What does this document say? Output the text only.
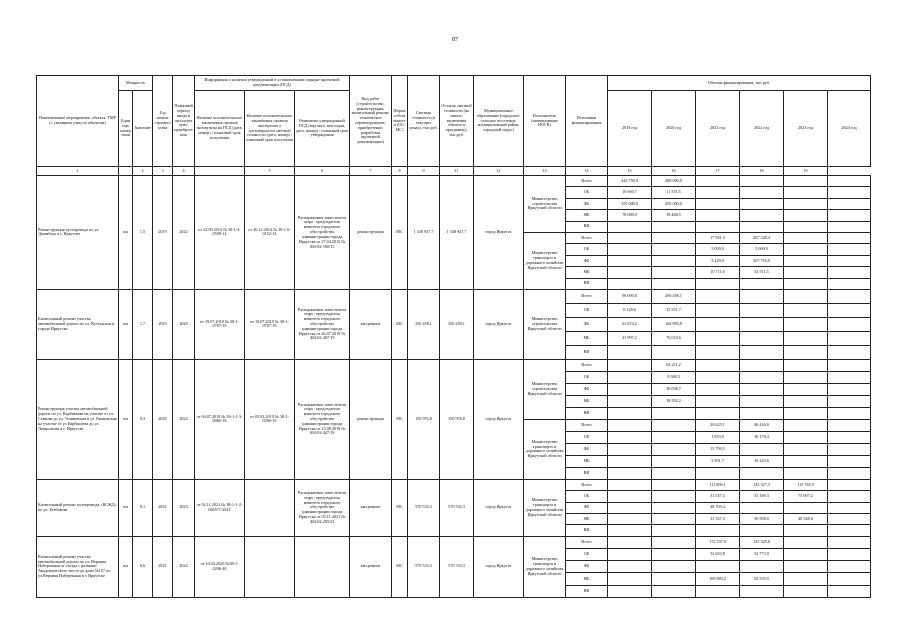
87
Наименование мероприятия, объекта, ГМР (с указанием улиц по объектам)	Мощность		Год начала строительства	Плановый период ввода в эксплуатацию/приобретения	Информация о наличии утвержденной в установленном порядке проектной документации (ПСД)			Вид работ (строительство, реконструкция, капитальный ремонт, техническое перевооружение, приобретение, разработка проектной документации)	Форма собственности (ОС/МС)	Сметная стоимость (в текущих ценах), тыс.руб.	Остаток сметной стоимости (на начало включения объекта в программу), тыс.руб.	Муниципальное образование (городское/сельское поселение, муниципальный район, городской округ)	Исполнитель (наименование ИОГВ)	Источники финансирования	Объемы финансирования, тыс.руб.					
	Единица измерения	Значение			Наличие положительного заключения органов экспертизы на ПСД (дата, номер) / плановый срок получения	Наличие положительного заключения органов экспертизы о достоверности сметной стоимости (дата, номер) / плановый срок получения	Реквизиты утвержденной ПСД (вид акта, кем издан, дата, номер) / плановый срок утверждения								2019 год	2020 год	2021 год	2022 год	2023 год	2024 год
1		2	3	4		5	6	7	8	9	11	12	13	14	15	16	17	18	19	
Реконструкция путепровода по ул. Джамбула в г. Иркутске	км	1,5	2019	2022	от 22.09.2014 № 38-1-4-0509-14	от 26.12.2014 № 38-1-6-0152-14	Распоряжение заместителя мэра - председателя комитета городского обустройства администрации города Иркутска от 27.04.2015 № 404-02-180/15	реконструкция	МС	1 338 947,7	1 338 947,7	город Иркутск	Министерство строительства Иркутской области	Всего	443 750,0	480 000,0				
														ОБ	10 660,7	11 531,5				
														ФБ	355 000,0	450 000,0				
														МБ	78 089,3	18 468,5				
														ВИ						
													Министерство транспорта и дорожного хозяйства Иркутской области	Всего			17 941,5	267 228,4		
														ОБ			5 000,0	5 000,0		
														ФБ			2 229,9	207 716,9		
														МБ			10 711,6	54 511,5		
														ВИ						
Капитальный ремонт участка автомобильной дороги по ул. Култукская в городе Иркутске	км	1,7	2019	2020	от 19.07.2019 № 38-1-0787-19	от 19.07.2019 № 38-1-0787-19	Распоряжение заместителя мэра - председателя комитета городского обустройства администрации города Иркутска от 26.07.2019 № 404-02-407/19	кап.ремонт	МС	356 458,1	356 458,1	город Иркутск	Министерство строительства Иркутской области	Всего	90 000,0	266 458,1				
														ОБ	6 128,6	35 551,7				
														ФБ	61 874,2	164 895,8				
														МБ	21 997,2	76 010,6				
														ВИ						
Реконструкция участка автомобильной дороги по ул. Карбышева на участке от ул. Севкова до ул. Ушаковская и ул Ушаковская на участке от ул Карбышева до ул. Лермонтова в г. Иркутске	км	0,3	2020	2022	от 04.07.2018 № 38-1-1-3-0066-18	от 05.03.2019 № 38-1-0296-19	Распоряжение заместителя мэра - председателя комитета городского обустройства администрации города Иркутска от 13.08.2019 № 404-02-447/19	реконструкция	МС	150 976,8	150 976,8	город Иркутск	Министерство строительства Иркутской области	Всего		64 211,2				
														ОБ		9 580,3				
														ФБ		36 038,7				
														МБ		18 592,2				
														ВИ						
													Министерство транспорта и дорожного хозяйства Иркутской области	Всего			20 625,1	46 416,0		
														ОБ			1 833,9	30 170,4		
														ФБ			15 799,5			
														МБ			2 991,7	16 245,6		
														ВИ						
Капитальный ремонт путепровода «ВСЖД» по ул. Безбокова	км	0,1	2021	2023	от 02.11.2021 № 38-1-1-2-064571-2021		Распоряжение заместителя мэра - председателя комитета городского обустройства администрации города Иркутска от 03.11.2021 № 404-02-295/21	кап.ремонт	МС	570 533,3	570 533,3	город Иркутск	Министерство транспорта и дорожного хозяйства Иркутской области	Всего			111 806,1	143 327,3	115 765,9	
														ОБ			31 547,3	53 169,3	75 907,2	
														ФБ			48 705,4			
														МБ			31 547,3	50 508,0	40 348,6	
														ВИ						
Капитальный ремонт участка автомобильной дороги по ул. Верхняя Набережная от съезда с развязки Академического моста до дома №107 по ул.Верхняя Набережная в г. Иркутске	км	0,6	2021	2022	от 10.04.2020 №38-1-0206-20			кап.ремонт	МС	570 533,3	570 533,3	город Иркутск	Министерство транспорта и дорожного хозяйства Иркутской области	Всего			172 537,0	145 329,8		
														ОБ			53 653,8	52 773,9		
														ФБ						
														МБ			109 883,2	92 555,9		
														ВИ						
